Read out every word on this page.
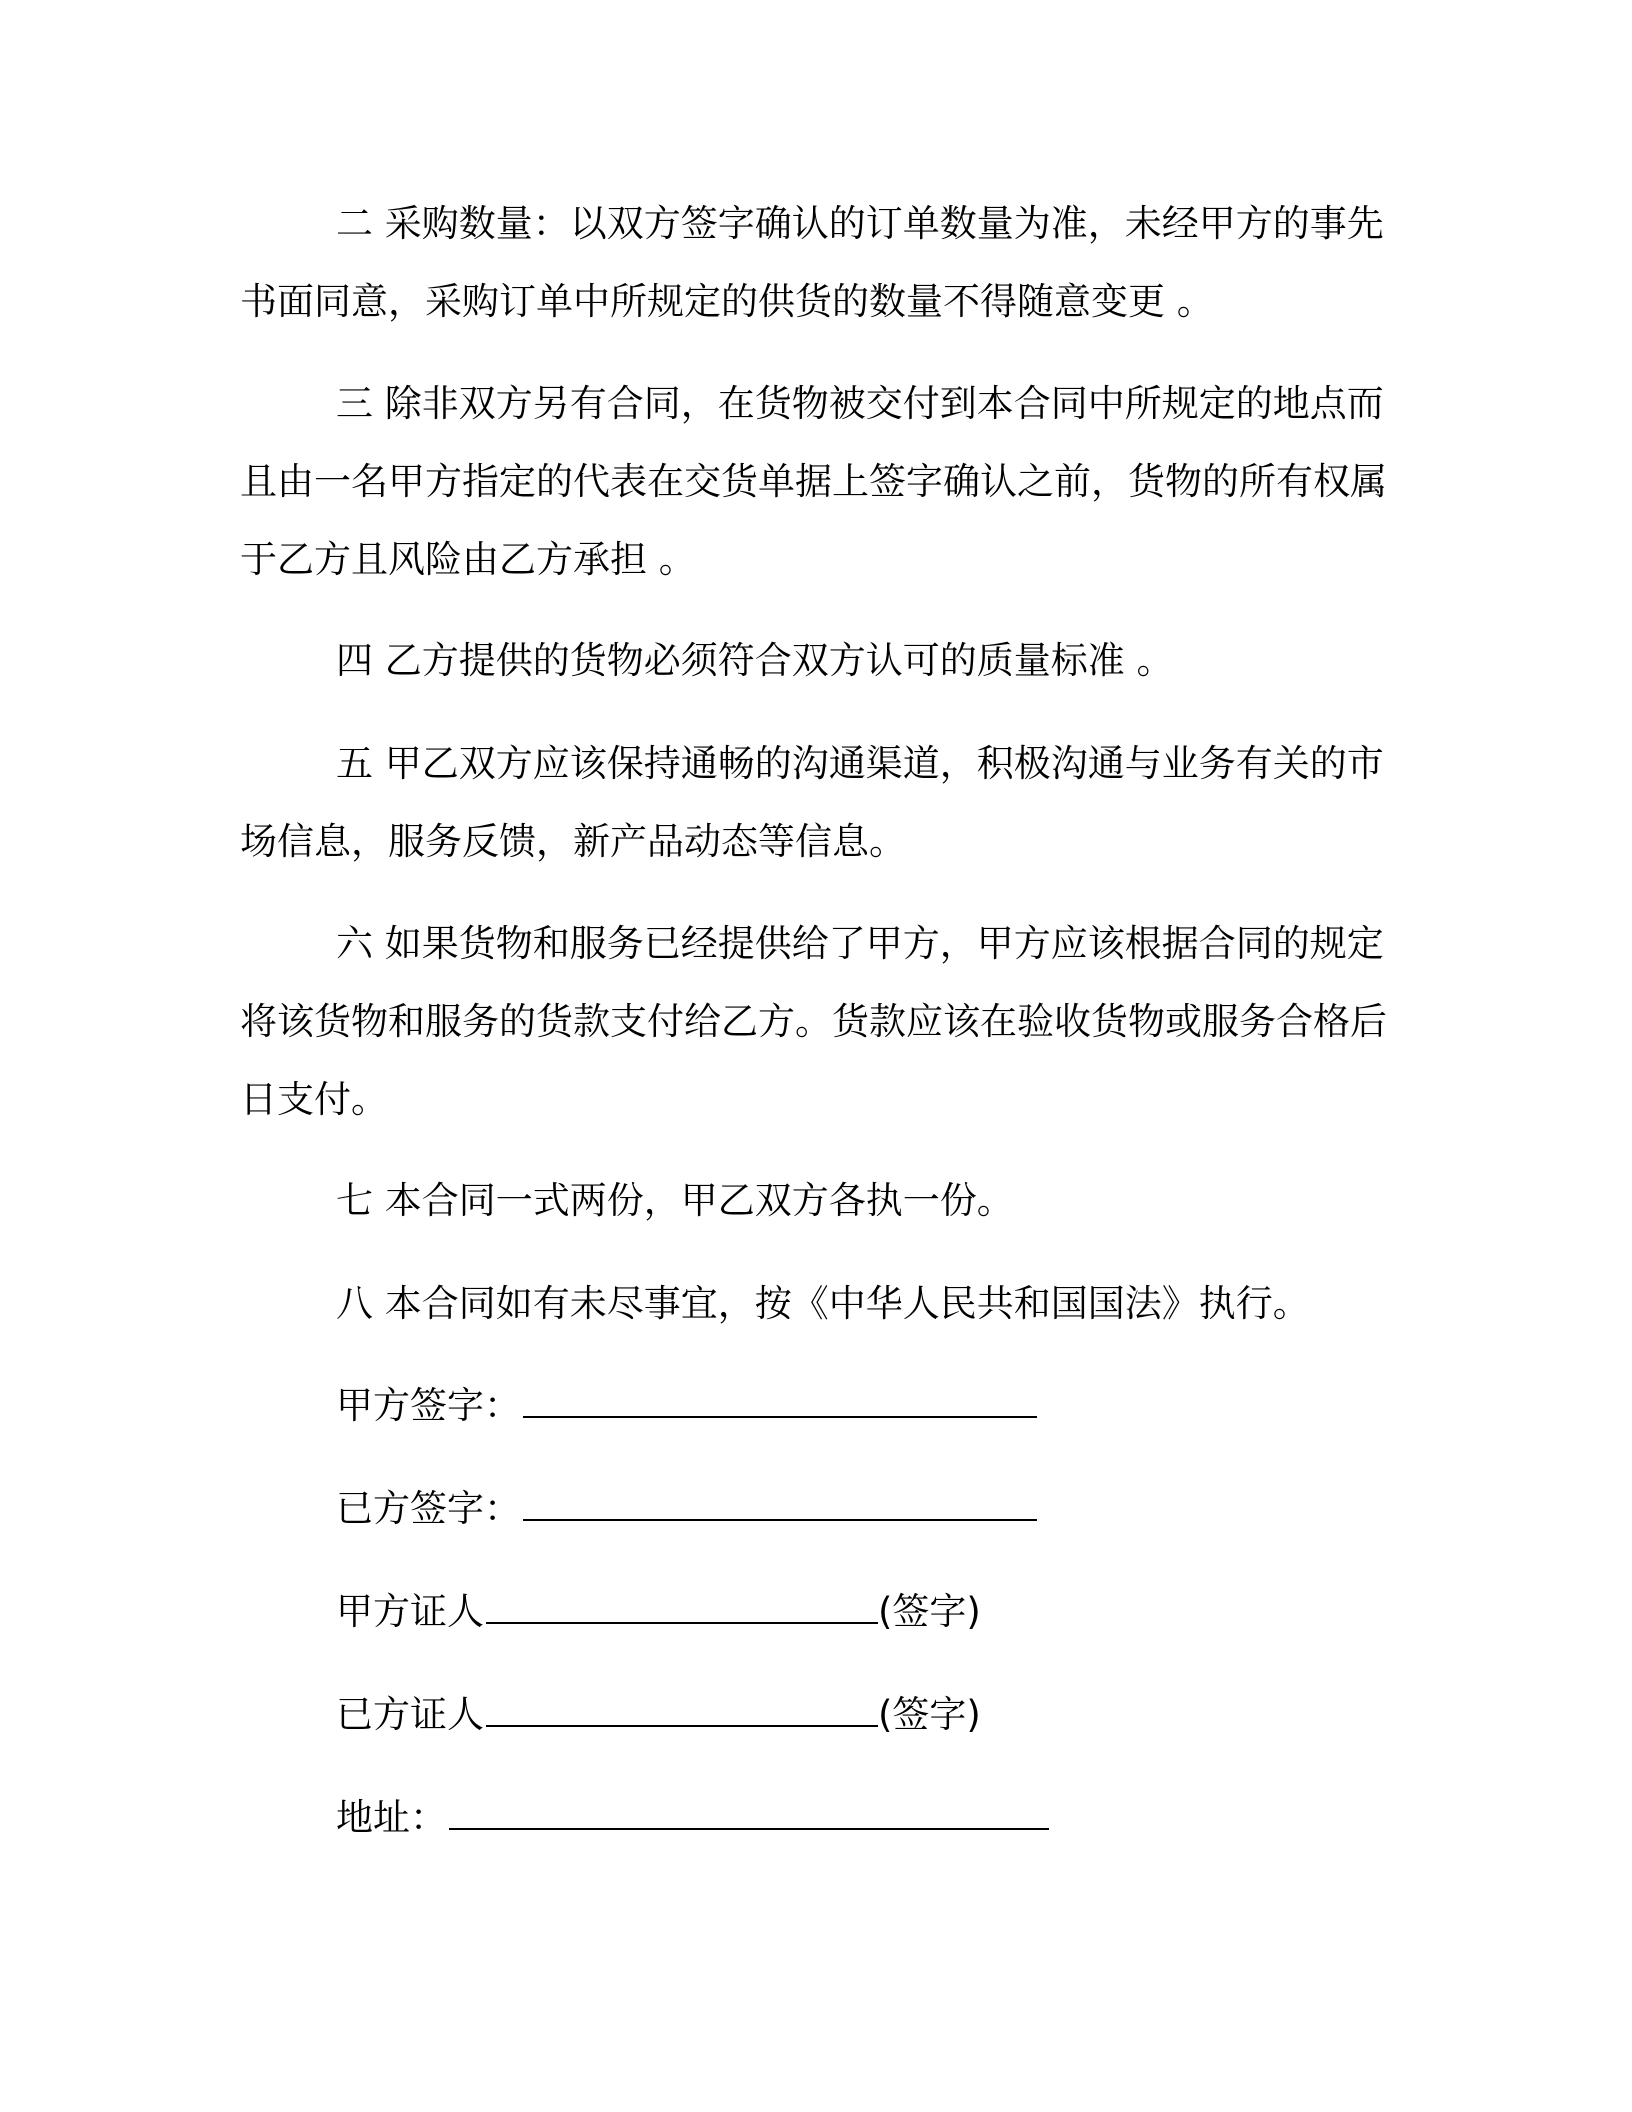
二 采购数量：以双方签字确认的订单数量为准，未经甲方的事先书面同意，采购订单中所规定的供货的数量不得随意变更 。

三 除非双方另有合同，在货物被交付到本合同中所规定的地点而且由一名甲方指定的代表在交货单据上签字确认之前，货物的所有权属于乙方且风险由乙方承担 。

四 乙方提供的货物必须符合双方认可的质量标准 。

五 甲乙双方应该保持通畅的沟通渠道，积极沟通与业务有关的市场信息，服务反馈，新产品动态等信息。

六 如果货物和服务已经提供给了甲方，甲方应该根据合同的规定将该货物和服务的货款支付给乙方。货款应该在验收货物或服务合格后 日支付。

七 本合同一式两份，甲乙双方各执一份。

八 本合同如有未尽事宜，按《中华人民共和国国法》执行。

甲方签字：
已方签字：
甲方证人	(签字)
已方证人	(签字)
地址：
